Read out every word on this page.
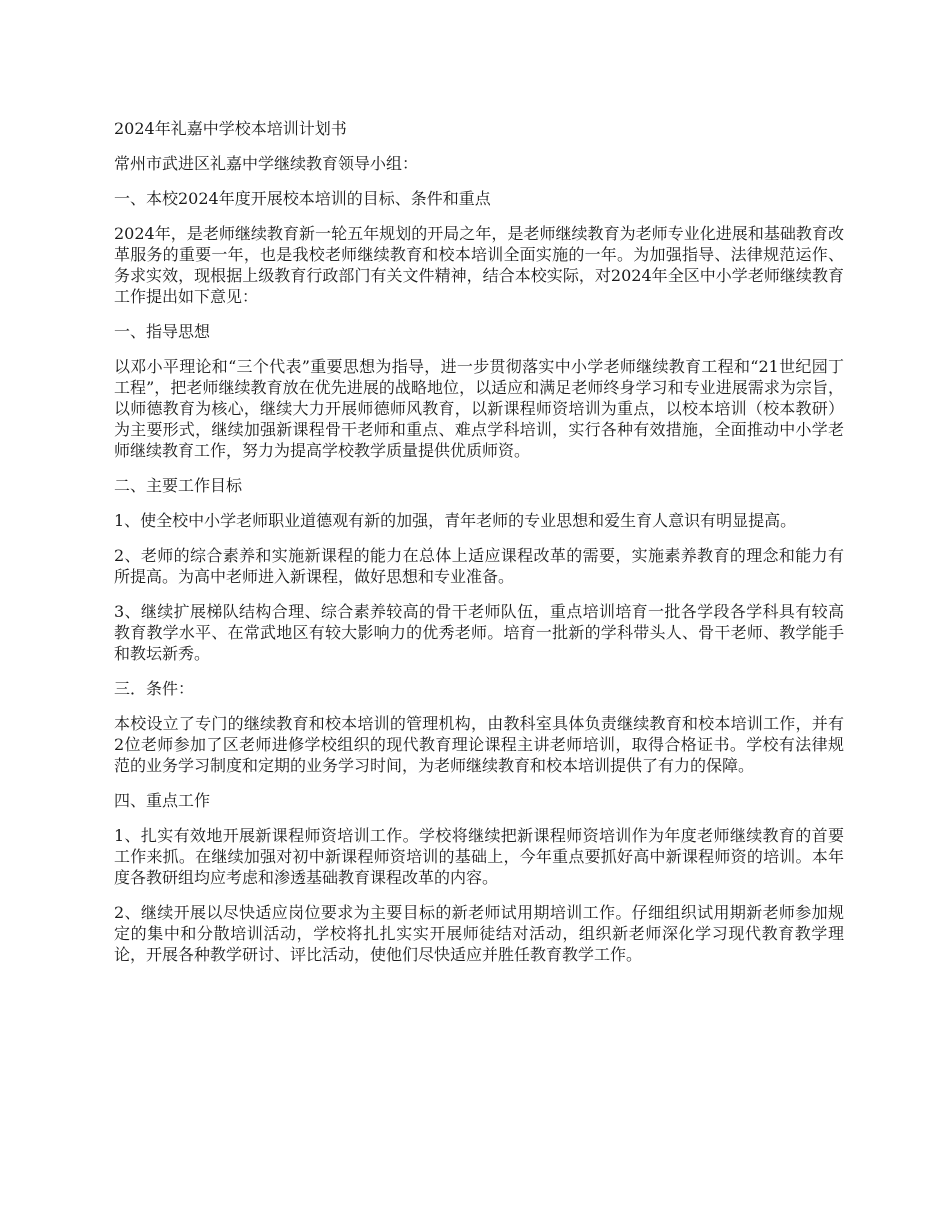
2024年礼嘉中学校本培训计划书

常州市武进区礼嘉中学继续教育领导小组：

一、本校2024年度开展校本培训的目标、条件和重点

2024年，是老师继续教育新一轮五年规划的开局之年，是老师继续教育为老师专业化进展和基础教育改革服务的重要一年，也是我校老师继续教育和校本培训全面实施的一年。为加强指导、法律规范运作、务求实效，现根据上级教育行政部门有关文件精神，结合本校实际，对2024年全区中小学老师继续教育工作提出如下意见：

一、指导思想

以邓小平理论和“三个代表”重要思想为指导，进一步贯彻落实中小学老师继续教育工程和“21世纪园丁工程”，把老师继续教育放在优先进展的战略地位，以适应和满足老师终身学习和专业进展需求为宗旨，以师德教育为核心，继续大力开展师德师风教育，以新课程师资培训为重点，以校本培训（校本教研）为主要形式，继续加强新课程骨干老师和重点、难点学科培训，实行各种有效措施，全面推动中小学老师继续教育工作，努力为提高学校教学质量提供优质师资。

二、主要工作目标

1、使全校中小学老师职业道德观有新的加强，青年老师的专业思想和爱生育人意识有明显提高。

2、老师的综合素养和实施新课程的能力在总体上适应课程改革的需要，实施素养教育的理念和能力有所提高。为高中老师进入新课程，做好思想和专业准备。

3、继续扩展梯队结构合理、综合素养较高的骨干老师队伍，重点培训培育一批各学段各学科具有较高教育教学水平、在常武地区有较大影响力的优秀老师。培育一批新的学科带头人、骨干老师、教学能手和教坛新秀。

三．条件：

本校设立了专门的继续教育和校本培训的管理机构，由教科室具体负责继续教育和校本培训工作，并有2位老师参加了区老师进修学校组织的现代教育理论课程主讲老师培训，取得合格证书。学校有法律规范的业务学习制度和定期的业务学习时间，为老师继续教育和校本培训提供了有力的保障。

四、重点工作

1、扎实有效地开展新课程师资培训工作。学校将继续把新课程师资培训作为年度老师继续教育的首要工作来抓。在继续加强对初中新课程师资培训的基础上，今年重点要抓好高中新课程师资的培训。本年度各教研组均应考虑和渗透基础教育课程改革的内容。

2、继续开展以尽快适应岗位要求为主要目标的新老师试用期培训工作。仔细组织试用期新老师参加规定的集中和分散培训活动，学校将扎扎实实开展师徒结对活动，组织新老师深化学习现代教育教学理论，开展各种教学研讨、评比活动，使他们尽快适应并胜任教育教学工作。
